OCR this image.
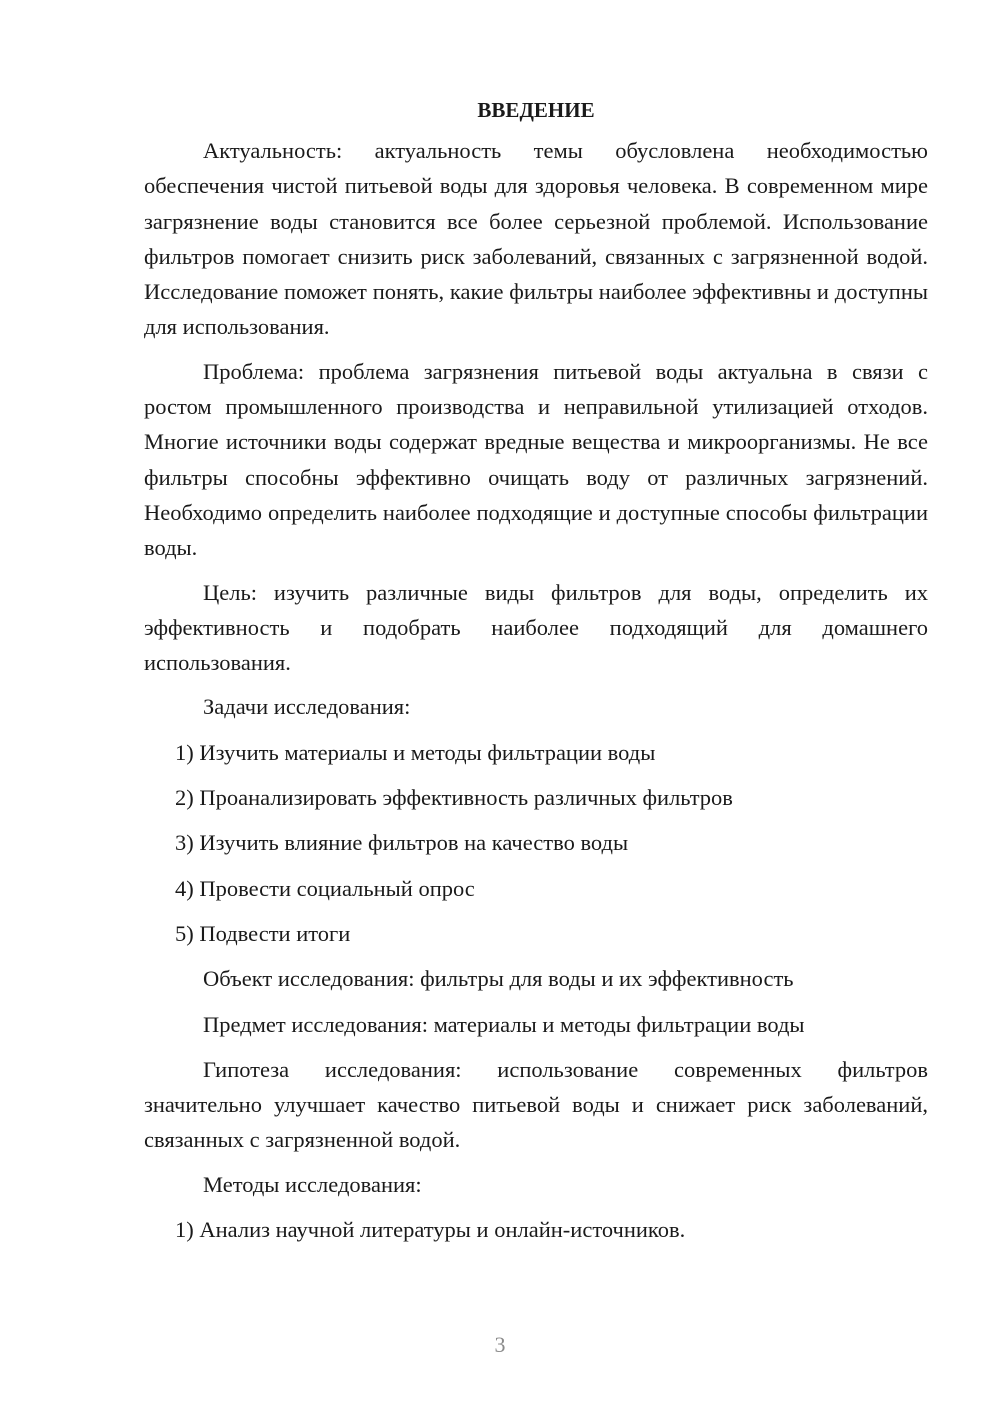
ВВЕДЕНИЕ

Актуальность: актуальность темы обусловлена необходимостью обеспечения чистой питьевой воды для здоровья человека. В современном мире загрязнение воды становится все более серьезной проблемой. Использование фильтров помогает снизить риск заболеваний, связанных с загрязненной водой. Исследование поможет понять, какие фильтры наиболее эффективны и доступны для использования.

Проблема: проблема загрязнения питьевой воды актуальна в связи с ростом промышленного производства и неправильной утилизацией отходов. Многие источники воды содержат вредные вещества и микроорганизмы. Не все фильтры способны эффективно очищать воду от различных загрязнений. Необходимо определить наиболее подходящие и доступные способы фильтрации воды.

Цель: изучить различные виды фильтров для воды, определить их эффективность и подобрать наиболее подходящий для домашнего использования.

Задачи исследования:
1) Изучить материалы и методы фильтрации воды
2) Проанализировать эффективность различных фильтров
3) Изучить влияние фильтров на качество воды
4) Провести социальный опрос
5) Подвести итоги
Объект исследования: фильтры для воды и их эффективность
Предмет исследования: материалы и методы фильтрации воды

Гипотеза исследования: использование современных фильтров значительно улучшает качество питьевой воды и снижает риск заболеваний, связанных с загрязненной водой.

Методы исследования:
1) Анализ научной литературы и онлайн-источников.
3
